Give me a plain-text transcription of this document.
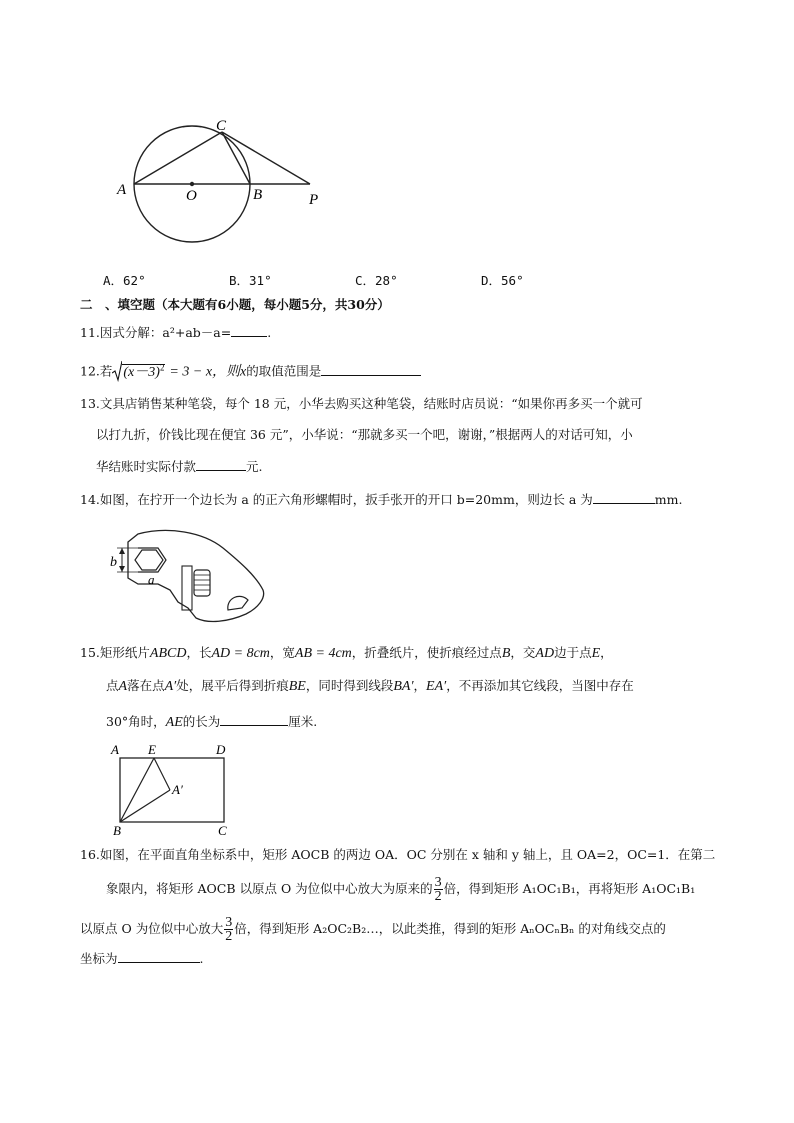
A	O	B
C
P
A．62°	B．31°	C．28°	D．56°
二　、填空题（本大题有6小题，每小题5分，共30分）
11.因式分解：a²+ab－a=	.
12.若 $(x-3)^2 = 3 - x$，则x的取值范围是
13.文具店销售某种笔袋，每个 18 元，小华去购买这种笔袋，结账时店员说：“如果你再多买一个就可
以打九折，价钱比现在便宜 36 元”，小华说：“那就多买一个吧，谢谢，”根据两人的对话可知，小
华结账时实际付款	元.
14.如图，在拧开一个边长为 a 的正六角形螺帽时，扳手张开的开口 b=20mm，则边长 a 为	mm.
b
a
15.矩形纸片ABCD，长AD = 8cm，宽AB = 4cm，折叠纸片，使折痕经过点B，交AD边于点E，
点A落在点A′处，展平后得到折痕BE，同时得到线段BA′，EA′，不再添加其它线段，当图中存在
30°角时，AE的长为	厘米.
A E	D
A′
B	C
16.如图，在平面直角坐标系中，矩形 AOCB 的两边 OA．OC 分别在 x 轴和 y 轴上，且 OA=2，OC=1．在第二
象限内，将矩形 AOCB 以原点 O 为位似中心放大为原来的 $\frac{3}{2}$ 倍，得到矩形 A₁OC₁B₁，再将矩形 A₁OC₁B₁
以原点 O 为位似中心放大 $\frac{3}{2}$ 倍，得到矩形 A₂OC₂B₂…，以此类推，得到的矩形 AₙOCₙBₙ 的对角线交点的
坐标为	.
